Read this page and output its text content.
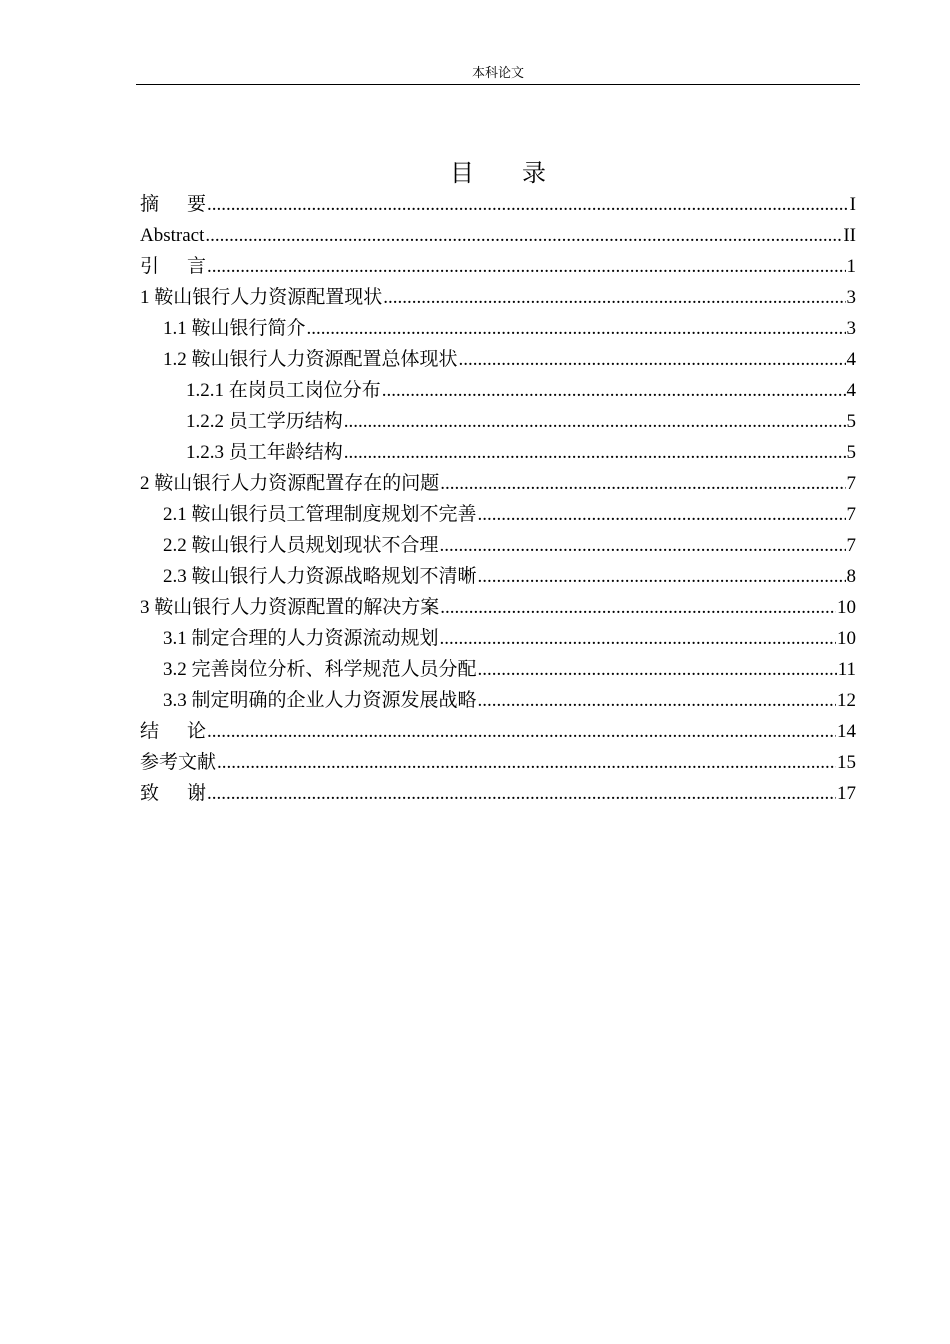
本科论文
目 录
摘 要 .....	I
Abstract .....	II
引 言 .....	1
1 鞍山银行人力资源配置现状 .....	3
1.1 鞍山银行简介 .....	3
1.2 鞍山银行人力资源配置总体现状 .....	4
1.2.1 在岗员工岗位分布 .....	4
1.2.2 员工学历结构 .....	5
1.2.3 员工年龄结构 .....	5
2 鞍山银行人力资源配置存在的问题 .....	7
2.1 鞍山银行员工管理制度规划不完善 .....	7
2.2 鞍山银行人员规划现状不合理 .....	7
2.3 鞍山银行人力资源战略规划不清晰 .....	8
3 鞍山银行人力资源配置的解决方案 .....	10
3.1 制定合理的人力资源流动规划 .....	10
3.2 完善岗位分析、科学规范人员分配 .....	11
3.3 制定明确的企业人力资源发展战略 .....	12
结 论 .....	14
参考文献 .....	15
致 谢 .....	17
